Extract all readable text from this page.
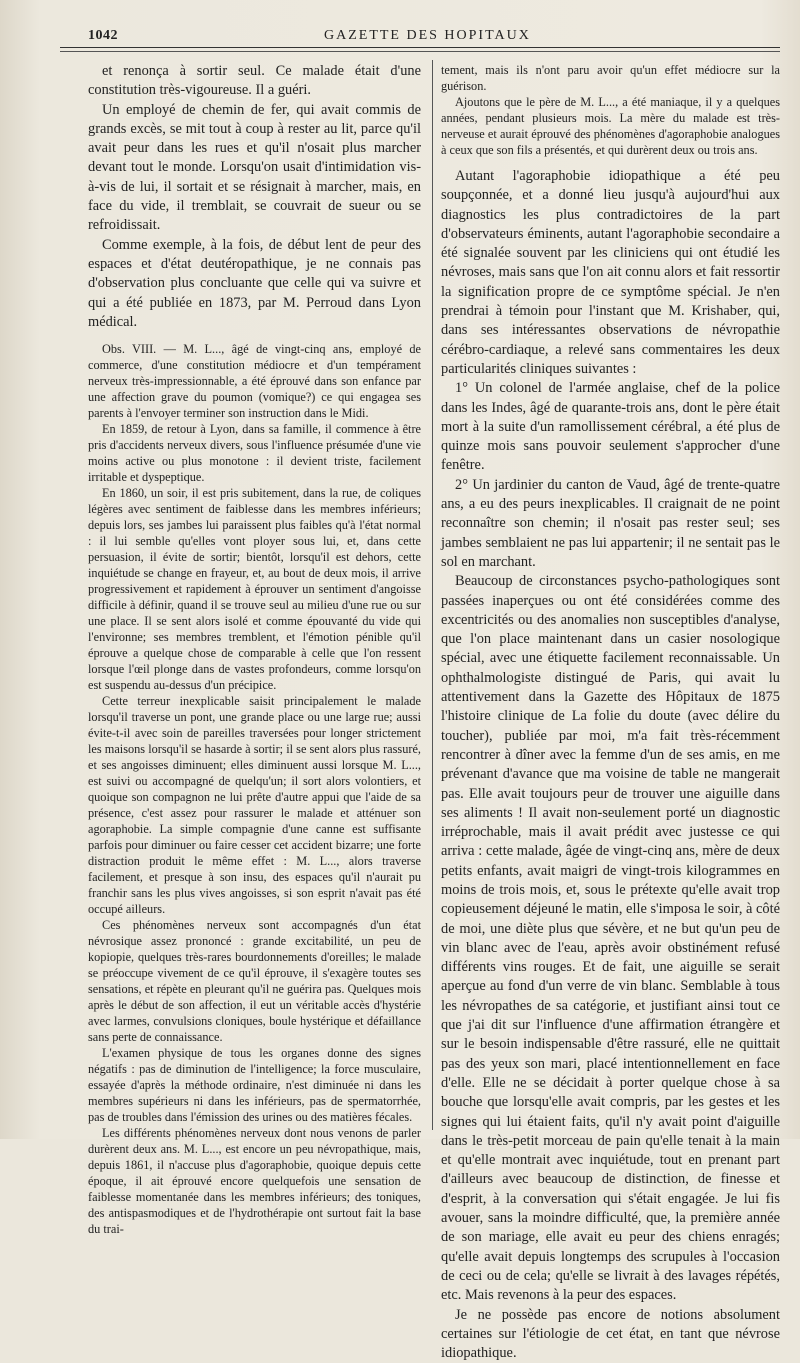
1042	GAZETTE DES HOPITAUX

et renonça à sortir seul. Ce malade était d'une constitution très-vigoureuse. Il a guéri.

Un employé de chemin de fer, qui avait commis de grands excès, se mit tout à coup à rester au lit, parce qu'il avait peur dans les rues et qu'il n'osait plus marcher devant tout le monde. Lorsqu'on usait d'intimidation vis-à-vis de lui, il sortait et se résignait à marcher, mais, en face du vide, il tremblait, se couvrait de sueur ou se refroidissait.

Comme exemple, à la fois, de début lent de peur des espaces et d'état deutéropathique, je ne connais pas d'observation plus concluante que celle qui va suivre et qui a été publiée en 1873, par M. Perroud dans Lyon médical.

Obs. VIII. — M. L..., âgé de vingt-cinq ans, employé de commerce, d'une constitution médiocre et d'un tempérament nerveux très-impressionnable, a été éprouvé dans son enfance par une affection grave du poumon (vomique?) ce qui engagea ses parents à l'envoyer terminer son instruction dans le Midi.

En 1859, de retour à Lyon, dans sa famille, il commence à être pris d'accidents nerveux divers, sous l'influence présumée d'une vie moins active ou plus monotone : il devient triste, facilement irritable et dyspeptique.

En 1860, un soir, il est pris subitement, dans la rue, de coliques légères avec sentiment de faiblesse dans les membres inférieurs; depuis lors, ses jambes lui paraissent plus faibles qu'à l'état normal : il lui semble qu'elles vont ployer sous lui, et, dans cette persuasion, il évite de sortir; bientôt, lorsqu'il est dehors, cette inquiétude se change en frayeur, et, au bout de deux mois, il arrive progressivement et rapidement à éprouver un sentiment d'angoisse difficile à définir, quand il se trouve seul au milieu d'une rue ou sur une place. Il se sent alors isolé et comme épouvanté du vide qui l'environne; ses membres tremblent, et l'émotion pénible qu'il éprouve a quelque chose de comparable à celle que l'on ressent lorsque l'œil plonge dans de vastes profondeurs, comme lorsqu'on est suspendu au-dessus d'un précipice.

Cette terreur inexplicable saisit principalement le malade lorsqu'il traverse un pont, une grande place ou une large rue; aussi évite-t-il avec soin de pareilles traversées pour longer strictement les maisons lorsqu'il se hasarde à sortir; il se sent alors plus rassuré, et ses angoisses diminuent; elles diminuent aussi lorsque M. L..., est suivi ou accompagné de quelqu'un; il sort alors volontiers, et quoique son compagnon ne lui prête d'autre appui que l'aide de sa présence, c'est assez pour rassurer le malade et atténuer son agoraphobie. La simple compagnie d'une canne est suffisante parfois pour diminuer ou faire cesser cet accident bizarre; une forte distraction produit le même effet : M. L..., alors traverse facilement, et presque à son insu, des espaces qu'il n'aurait pu franchir sans les plus vives angoisses, si son esprit n'avait pas été occupé ailleurs.

Ces phénomènes nerveux sont accompagnés d'un état névrosique assez prononcé : grande excitabilité, un peu de kopiopie, quelques très-rares bourdonnements d'oreilles; le malade se préoccupe vivement de ce qu'il éprouve, il s'exagère toutes ses sensations, et répète en pleurant qu'il ne guérira pas. Quelques mois après le début de son affection, il eut un véritable accès d'hystérie avec larmes, convulsions cloniques, boule hystérique et défaillance sans perte de connaissance.

L'examen physique de tous les organes donne des signes négatifs : pas de diminution de l'intelligence; la force musculaire, essayée d'après la méthode ordinaire, n'est diminuée ni dans les membres supérieurs ni dans les inférieurs, pas de spermatorrhée, pas de troubles dans l'émission des urines ou des matières fécales.

Les différents phénomènes nerveux dont nous venons de parler durèrent deux ans. M. L..., est encore un peu névropathique, mais, depuis 1861, il n'accuse plus d'agoraphobie, quoique depuis cette époque, il ait éprouvé encore quelquefois une sensation de faiblesse momentanée dans les membres inférieurs; des toniques, des antispasmodiques et de l'hydrothérapie ont surtout fait la base du trai-

tement, mais ils n'ont paru avoir qu'un effet médiocre sur la guérison.

Ajoutons que le père de M. L..., a été maniaque, il y a quelques années, pendant plusieurs mois. La mère du malade est très-nerveuse et aurait éprouvé des phénomènes d'agoraphobie analogues à ceux que son fils a présentés, et qui durèrent deux ou trois ans.

Autant l'agoraphobie idiopathique a été peu soupçonnée, et a donné lieu jusqu'à aujourd'hui aux diagnostics les plus contradictoires de la part d'observateurs éminents, autant l'agoraphobie secondaire a été signalée souvent par les cliniciens qui ont étudié les névroses, mais sans que l'on ait connu alors et fait ressortir la signification propre de ce symptôme spécial. Je n'en prendrai à témoin pour l'instant que M. Krishaber, qui, dans ses intéressantes observations de névropathie cérébro-cardiaque, a relevé sans commentaires les deux particularités cliniques suivantes :

1° Un colonel de l'armée anglaise, chef de la police dans les Indes, âgé de quarante-trois ans, dont le père était mort à la suite d'un ramollissement cérébral, a été plus de quinze mois sans pouvoir seulement s'approcher d'une fenêtre.

2° Un jardinier du canton de Vaud, âgé de trente-quatre ans, a eu des peurs inexplicables. Il craignait de ne point reconnaître son chemin; il n'osait pas rester seul; ses jambes semblaient ne pas lui appartenir; il ne sentait pas le sol en marchant.

Beaucoup de circonstances psycho-pathologiques sont passées inaperçues ou ont été considérées comme des excentricités ou des anomalies non susceptibles d'analyse, que l'on place maintenant dans un casier nosologique spécial, avec une étiquette facilement reconnaissable. Un ophthalmologiste distingué de Paris, qui avait lu attentivement dans la Gazette des Hôpitaux de 1875 l'histoire clinique de La folie du doute (avec délire du toucher), publiée par moi, m'a fait très-récemment rencontrer à dîner avec la femme d'un de ses amis, en me prévenant d'avance que ma voisine de table ne mangerait pas. Elle avait toujours peur de trouver une aiguille dans ses aliments ! Il avait non-seulement porté un diagnostic irréprochable, mais il avait prédit avec justesse ce qui arriva : cette malade, âgée de vingt-cinq ans, mère de deux petits enfants, avait maigri de vingt-trois kilogrammes en moins de trois mois, et, sous le prétexte qu'elle avait trop copieusement déjeuné le matin, elle s'imposa le soir, à côté de moi, une diète plus que sévère, et ne but qu'un peu de vin blanc avec de l'eau, après avoir obstinément refusé différents vins rouges. Et de fait, une aiguille se serait aperçue au fond d'un verre de vin blanc. Semblable à tous les névropathes de sa catégorie, et justifiant ainsi tout ce que j'ai dit sur l'influence d'une affirmation étrangère et sur le besoin indispensable d'être rassuré, elle ne quittait pas des yeux son mari, placé intentionnellement en face d'elle. Elle ne se décidait à porter quelque chose à sa bouche que lorsqu'elle avait compris, par les gestes et les signes qui lui étaient faits, qu'il n'y avait point d'aiguille dans le très-petit morceau de pain qu'elle tenait à la main et qu'elle montrait avec inquiétude, tout en prenant part d'ailleurs avec beaucoup de distinction, de finesse et d'esprit, à la conversation qui s'était engagée. Je lui fis avouer, sans la moindre difficulté, que, la première année de son mariage, elle avait eu peur des chiens enragés; qu'elle avait depuis longtemps des scrupules à l'occasion de ceci ou de cela; qu'elle se livrait à des lavages répétés, etc. Mais revenons à la peur des espaces.

Je ne possède pas encore de notions absolument certaines sur l'étiologie de cet état, en tant que névrose idiopathique.
